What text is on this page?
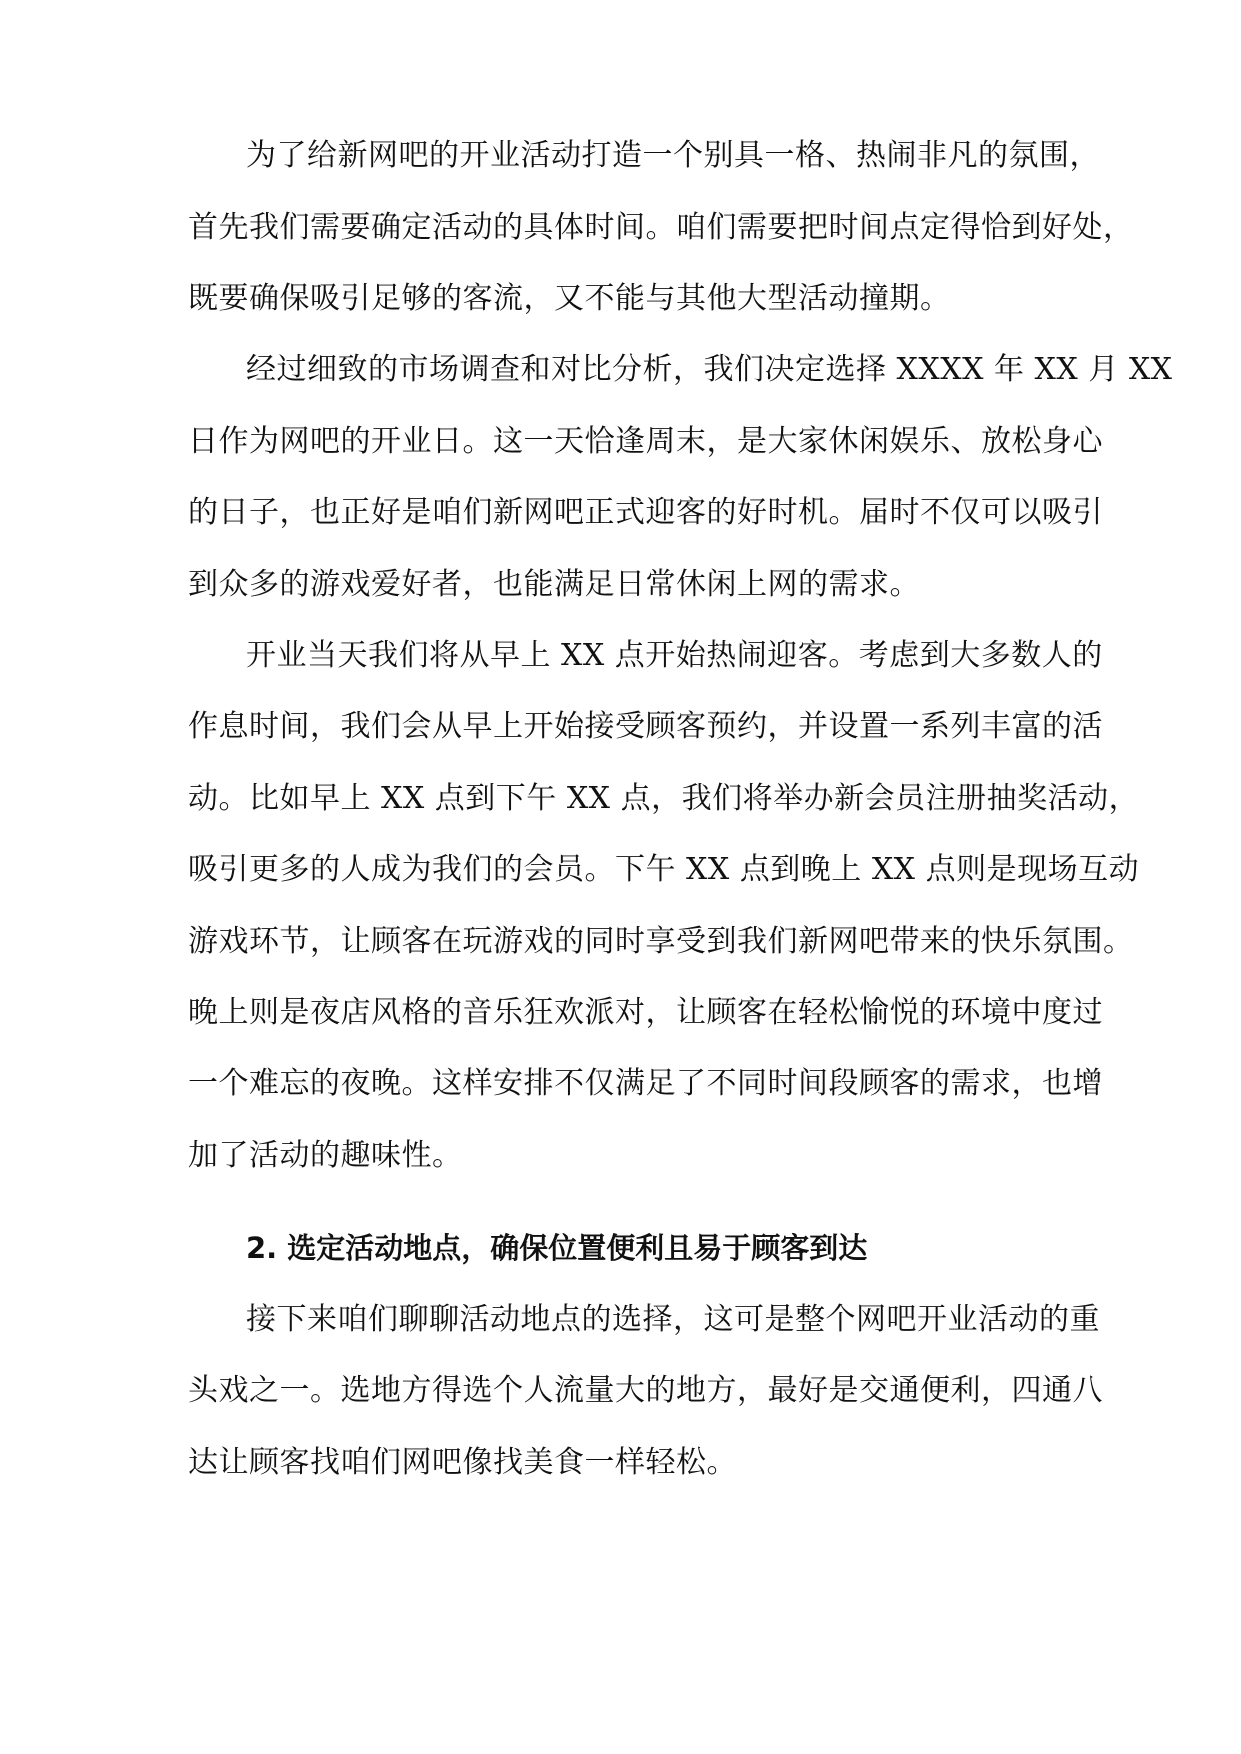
为了给新网吧的开业活动打造一个别具一格、热闹非凡的氛围，
首先我们需要确定活动的具体时间。咱们需要把时间点定得恰到好处，
既要确保吸引足够的客流，又不能与其他大型活动撞期。
经过细致的市场调查和对比分析，我们决定选择 XXXX 年 XX 月 XX
日作为网吧的开业日。这一天恰逢周末，是大家休闲娱乐、放松身心
的日子，也正好是咱们新网吧正式迎客的好时机。届时不仅可以吸引
到众多的游戏爱好者，也能满足日常休闲上网的需求。
开业当天我们将从早上 XX 点开始热闹迎客。考虑到大多数人的
作息时间，我们会从早上开始接受顾客预约，并设置一系列丰富的活
动。比如早上 XX 点到下午 XX 点，我们将举办新会员注册抽奖活动，
吸引更多的人成为我们的会员。下午 XX 点到晚上 XX 点则是现场互动
游戏环节，让顾客在玩游戏的同时享受到我们新网吧带来的快乐氛围。
晚上则是夜店风格的音乐狂欢派对，让顾客在轻松愉悦的环境中度过
一个难忘的夜晚。这样安排不仅满足了不同时间段顾客的需求，也增
加了活动的趣味性。
2. 选定活动地点，确保位置便利且易于顾客到达
接下来咱们聊聊活动地点的选择，这可是整个网吧开业活动的重
头戏之一。选地方得选个人流量大的地方，最好是交通便利，四通八
达让顾客找咱们网吧像找美食一样轻松。
